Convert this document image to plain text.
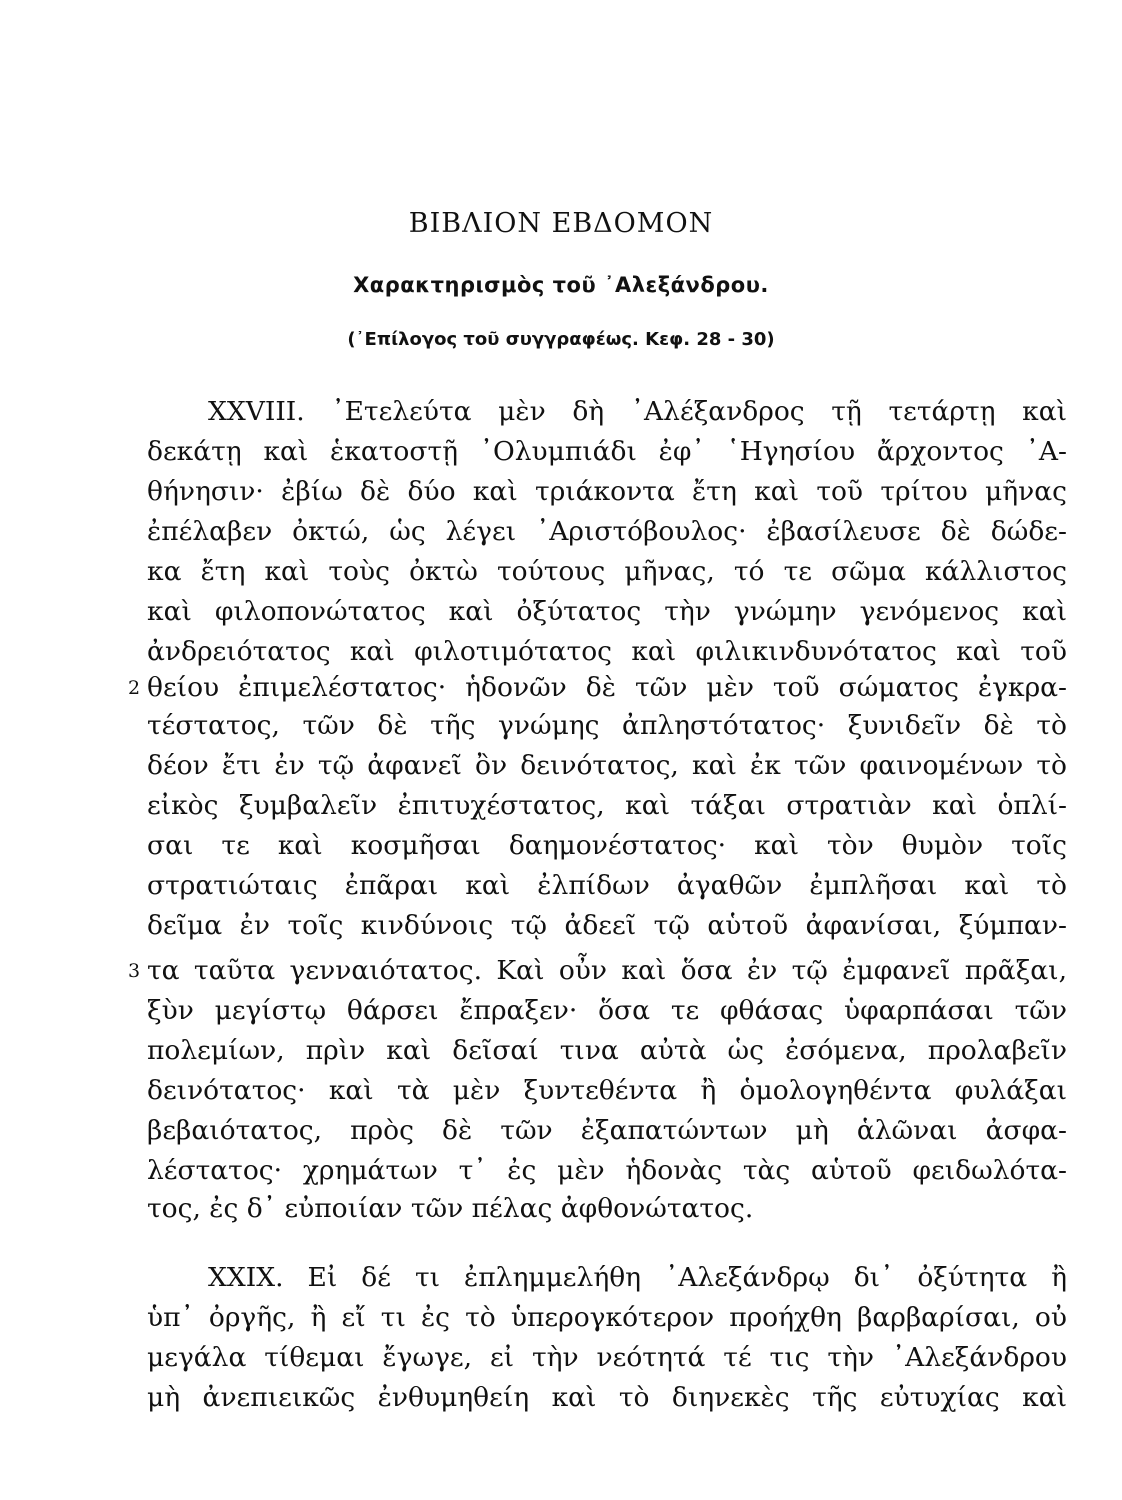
ΒΙΒΛΙΟΝ ΕΒΔΟΜΟΝ
Χαρακτηρισμὸς τοῦ ᾿Αλεξάνδρου.
(᾿Επίλογος τοῦ συγγραφέως. Κεφ. 28 - 30)
2
3
XXVIII. ᾿Ετελεύτα μὲν δὴ ᾿Αλέξανδρος τῇ τετάρτῃ καὶ
δεκάτῃ καὶ ἑκατοστῇ ᾿Ολυμπιάδι ἐφ᾿ ῾Ηγησίου ἄρχοντος ᾿Α-
θήνησιν· ἐβίω δὲ δύο καὶ τριάκοντα ἔτη καὶ τοῦ τρίτου μῆνας
ἐπέλαβεν ὀκτώ, ὡς λέγει ᾿Αριστόβουλος· ἐβασίλευσε δὲ δώδε-
κα ἔτη καὶ τοὺς ὀκτὼ τούτους μῆνας, τό τε σῶμα κάλλιστος
καὶ φιλοπονώτατος καὶ ὀξύτατος τὴν γνώμην γενόμενος καὶ
ἀνδρειότατος καὶ φιλοτιμότατος καὶ φιλικινδυνότατος καὶ τοῦ
θείου ἐπιμελέστατος· ἡδονῶν δὲ τῶν μὲν τοῦ σώματος ἐγκρα-
τέστατος, τῶν δὲ τῆς γνώμης ἀπληστότατος· ξυνιδεῖν δὲ τὸ
δέον ἔτι ἐν τῷ ἀφανεῖ ὂν δεινότατος, καὶ ἐκ τῶν φαινομένων τὸ
εἰκὸς ξυμβαλεῖν ἐπιτυχέστατος, καὶ τάξαι στρατιὰν καὶ ὁπλί-
σαι τε καὶ κοσμῆσαι δαημονέστατος· καὶ τὸν θυμὸν τοῖς
στρατιώταις ἐπᾶραι καὶ ἐλπίδων ἀγαθῶν ἐμπλῆσαι καὶ τὸ
δεῖμα ἐν τοῖς κινδύνοις τῷ ἀδεεῖ τῷ αὑτοῦ ἀφανίσαι, ξύμπαν-
τα ταῦτα γενναιότατος. Καὶ οὖν καὶ ὅσα ἐν τῷ ἐμφανεῖ πρᾶξαι,
ξὺν μεγίστῳ θάρσει ἔπραξεν· ὅσα τε φθάσας ὑφαρπάσαι τῶν
πολεμίων, πρὶν καὶ δεῖσαί τινα αὐτὰ ὡς ἐσόμενα, προλαβεῖν
δεινότατος· καὶ τὰ μὲν ξυντεθέντα ἢ ὁμολογηθέντα φυλάξαι
βεβαιότατος, πρὸς δὲ τῶν ἐξαπατώντων μὴ ἁλῶναι ἀσφα-
λέστατος· χρημάτων τ᾿ ἐς μὲν ἡδονὰς τὰς αὑτοῦ φειδωλότα-
τος, ἐς δ᾿ εὐποιίαν τῶν πέλας ἀφθονώτατος.
XXIX. Εἰ δέ τι ἐπλημμελήθη ᾿Αλεξάνδρῳ δι᾿ ὀξύτητα ἢ
ὑπ᾿ ὀργῆς, ἢ εἴ τι ἐς τὸ ὑπερογκότερον προήχθη βαρβαρίσαι, οὐ
μεγάλα τίθεμαι ἔγωγε, εἰ τὴν νεότητά τέ τις τὴν ᾿Αλεξάνδρου
μὴ ἀνεπιεικῶς ἐνθυμηθείη καὶ τὸ διηνεκὲς τῆς εὐτυχίας καὶ
